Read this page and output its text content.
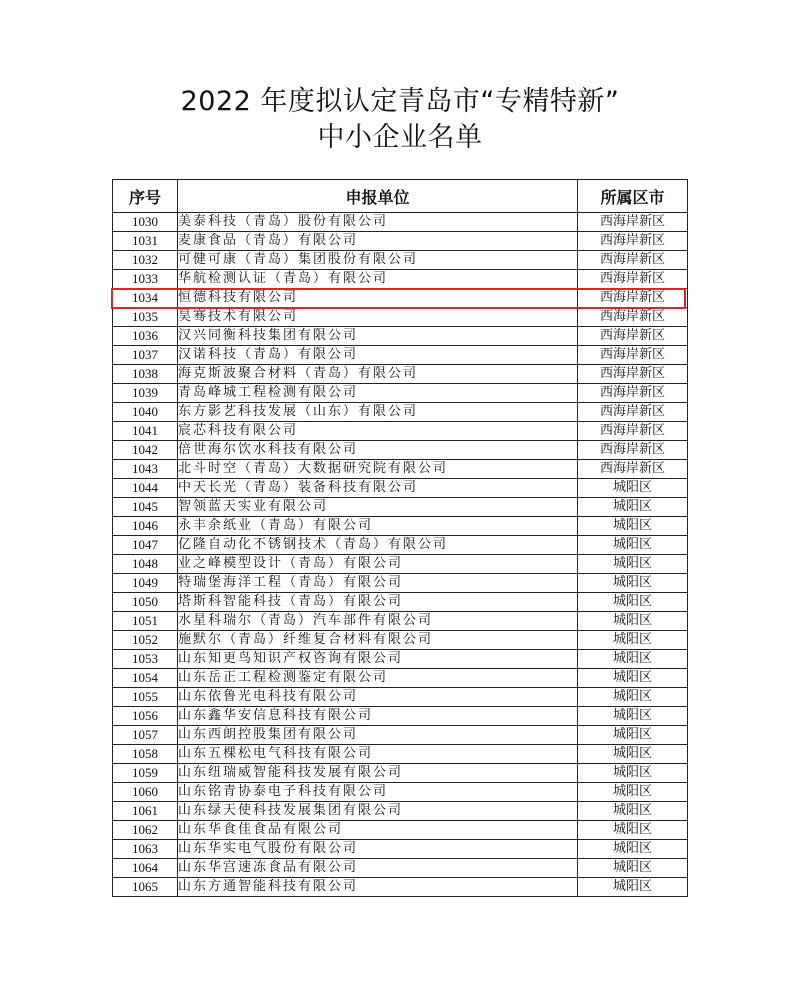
2022 年度拟认定青岛市“专精特新”
中小企业名单
序号	申报单位	所属区市
1030	美泰科技（青岛）股份有限公司	西海岸新区
1031	麦康食品（青岛）有限公司	西海岸新区
1032	可健可康（青岛）集团股份有限公司	西海岸新区
1033	华航检测认证（青岛）有限公司	西海岸新区
1034	恒德科技有限公司	西海岸新区
1035	昊骞技术有限公司	西海岸新区
1036	汉兴同衡科技集团有限公司	西海岸新区
1037	汉诺科技（青岛）有限公司	西海岸新区
1038	海克斯波聚合材料（青岛）有限公司	西海岸新区
1039	青岛峰城工程检测有限公司	西海岸新区
1040	东方影艺科技发展（山东）有限公司	西海岸新区
1041	宸芯科技有限公司	西海岸新区
1042	倍世海尔饮水科技有限公司	西海岸新区
1043	北斗时空（青岛）大数据研究院有限公司	西海岸新区
1044	中天长光（青岛）装备科技有限公司	城阳区
1045	智领蓝天实业有限公司	城阳区
1046	永丰余纸业（青岛）有限公司	城阳区
1047	亿隆自动化不锈钢技术（青岛）有限公司	城阳区
1048	业之峰模型设计（青岛）有限公司	城阳区
1049	特瑞堡海洋工程（青岛）有限公司	城阳区
1050	塔斯科智能科技（青岛）有限公司	城阳区
1051	水星科瑞尔（青岛）汽车部件有限公司	城阳区
1052	施默尔（青岛）纤维复合材料有限公司	城阳区
1053	山东知更鸟知识产权咨询有限公司	城阳区
1054	山东岳正工程检测鉴定有限公司	城阳区
1055	山东依鲁光电科技有限公司	城阳区
1056	山东鑫华安信息科技有限公司	城阳区
1057	山东西朗控股集团有限公司	城阳区
1058	山东五棵松电气科技有限公司	城阳区
1059	山东纽瑞威智能科技发展有限公司	城阳区
1060	山东铭青协泰电子科技有限公司	城阳区
1061	山东绿天使科技发展集团有限公司	城阳区
1062	山东华食佳食品有限公司	城阳区
1063	山东华实电气股份有限公司	城阳区
1064	山东华宫速冻食品有限公司	城阳区
1065	山东方通智能科技有限公司	城阳区
